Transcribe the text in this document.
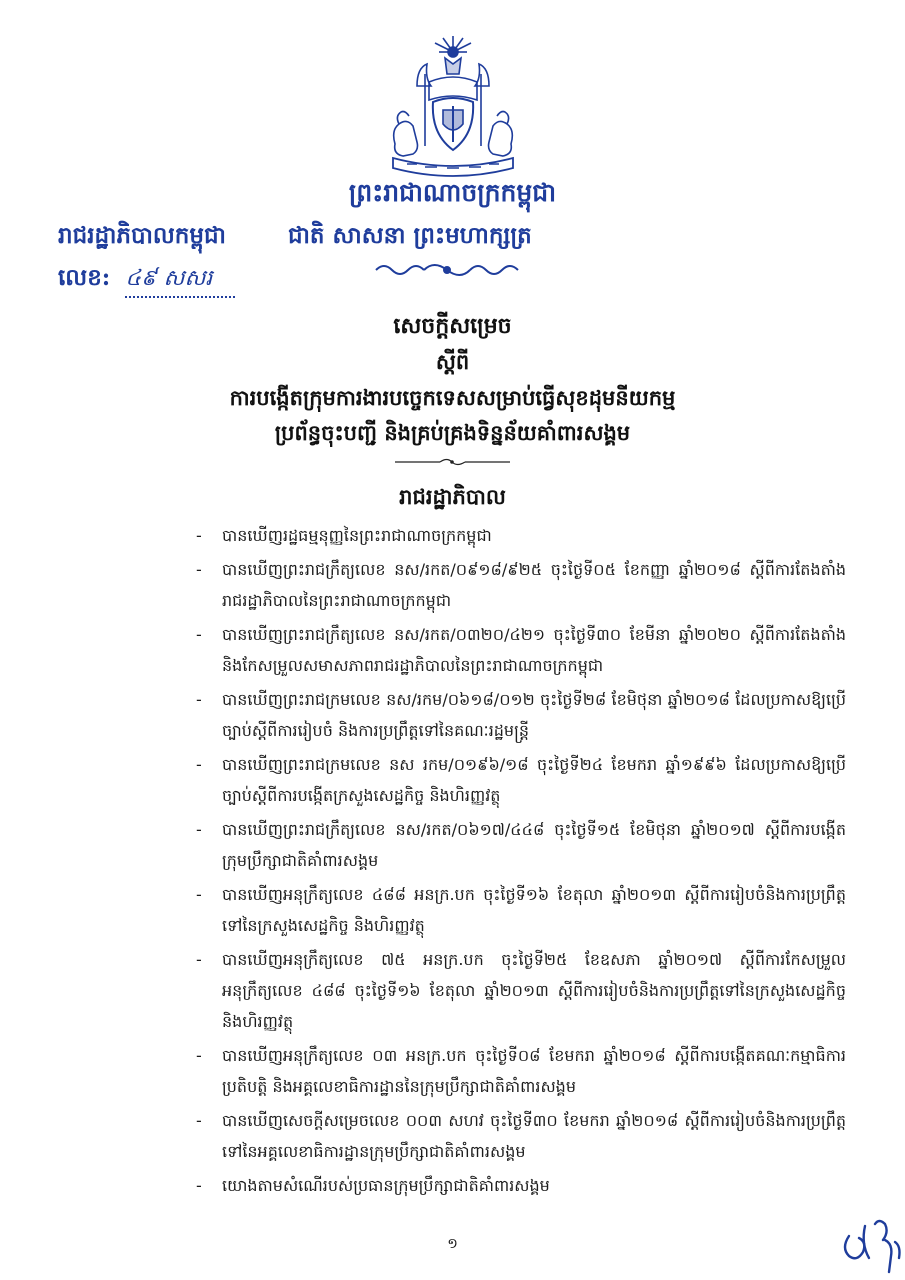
ព្រះរាជាណាចក្រកម្ពុជា
រាជរដ្ឋាភិបាលកម្ពុជា	ជាតិ សាសនា ព្រះមហាក្សត្រ
លេខ: ៤៩ សសរ
សេចក្ដីសម្រេច
ស្ដីពី
ការបង្កើតក្រុមការងារបច្ចេកទេសសម្រាប់ធ្វើសុខដុមនីយកម្ម
ប្រព័ន្ធចុះបញ្ជី និងគ្រប់គ្រងទិន្នន័យគាំពារសង្គម
រាជរដ្ឋាភិបាល
- បានឃើញរដ្ឋធម្មនុញ្ញនៃព្រះរាជាណាចក្រកម្ពុជា
- បានឃើញព្រះរាជក្រឹត្យលេខ នស/រកត/០៩១៨/៩២៥ ចុះថ្ងៃទី០៥ ខែកញ្ញា ឆ្នាំ២០១៨ ស្ដីពីការតែងតាំងរាជរដ្ឋាភិបាលនៃព្រះរាជាណាចក្រកម្ពុជា
- បានឃើញព្រះរាជក្រឹត្យលេខ នស/រកត/០៣២០/៤២១ ចុះថ្ងៃទី៣០ ខែមីនា ឆ្នាំ២០២០ ស្ដីពីការតែងតាំងនិងកែសម្រួលសមាសភាពរាជរដ្ឋាភិបាលនៃព្រះរាជាណាចក្រកម្ពុជា
- បានឃើញព្រះរាជក្រមលេខ នស/រកម/០៦១៨/០១២ ចុះថ្ងៃទី២៨ ខែមិថុនា ឆ្នាំ២០១៨ ដែលប្រកាសឱ្យប្រើច្បាប់ស្ដីពីការរៀបចំ និងការប្រព្រឹត្តទៅនៃគណៈរដ្ឋមន្ត្រី
- បានឃើញព្រះរាជក្រមលេខ នស រកម/០១៩៦/១៨ ចុះថ្ងៃទី២៤ ខែមករា ឆ្នាំ១៩៩៦ ដែលប្រកាសឱ្យប្រើច្បាប់ស្ដីពីការបង្កើតក្រសួងសេដ្ឋកិច្ច និងហិរញ្ញវត្ថុ
- បានឃើញព្រះរាជក្រឹត្យលេខ នស/រកត/០៦១៧/៤៤៨ ចុះថ្ងៃទី១៥ ខែមិថុនា ឆ្នាំ២០១៧ ស្ដីពីការបង្កើតក្រុមប្រឹក្សាជាតិគាំពារសង្គម
- បានឃើញអនុក្រឹត្យលេខ ៤៨៨ អនក្រ.បក ចុះថ្ងៃទី១៦ ខែតុលា ឆ្នាំ២០១៣ ស្ដីពីការរៀបចំនិងការប្រព្រឹត្តទៅនៃក្រសួងសេដ្ឋកិច្ច និងហិរញ្ញវត្ថុ
- បានឃើញអនុក្រឹត្យលេខ ៧៥ អនក្រ.បក ចុះថ្ងៃទី២៥ ខែឧសភា ឆ្នាំ២០១៧ ស្ដីពីការកែសម្រួលអនុក្រឹត្យលេខ ៤៨៨ ចុះថ្ងៃទី១៦ ខែតុលា ឆ្នាំ២០១៣ ស្ដីពីការរៀបចំនិងការប្រព្រឹត្តទៅនៃក្រសួងសេដ្ឋកិច្ច និងហិរញ្ញវត្ថុ
- បានឃើញអនុក្រឹត្យលេខ ០៣ អនក្រ.បក ចុះថ្ងៃទី០៨ ខែមករា ឆ្នាំ២០១៨ ស្ដីពីការបង្កើតគណៈកម្មាធិការប្រតិបត្តិ និងអគ្គលេខាធិការដ្ឋាននៃក្រុមប្រឹក្សាជាតិគាំពារសង្គម
- បានឃើញសេចក្ដីសម្រេចលេខ ០០៣ សហវ ចុះថ្ងៃទី៣០ ខែមករា ឆ្នាំ២០១៨ ស្ដីពីការរៀបចំនិងការប្រព្រឹត្តទៅនៃអគ្គលេខាធិការដ្ឋានក្រុមប្រឹក្សាជាតិគាំពារសង្គម
- យោងតាមសំណើរបស់ប្រធានក្រុមប្រឹក្សាជាតិគាំពារសង្គម
១
